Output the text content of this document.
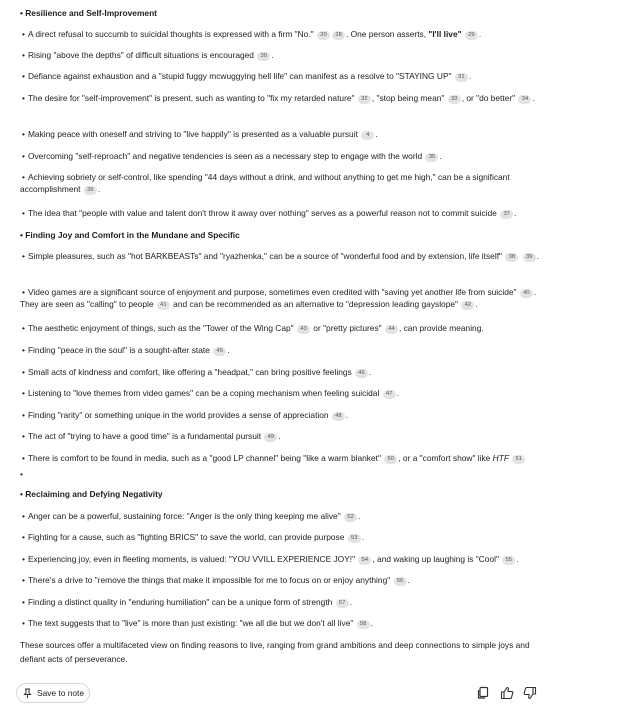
• Resilience and Self-Improvement
• A direct refusal to succumb to suicidal thoughts is expressed with a firm "No." 20 28 . One person asserts, "I'll live" 29 .
• Rising "above the depths" of difficult situations is encouraged 30 .
• Defiance against exhaustion and a "stupid fuggy mcwuggying hell life" can manifest as a resolve to "STAYING UP" 31 .
• The desire for "self-improvement" is present, such as wanting to "fix my retarded nature" 32 , "stop being mean" 33 , or "do better" 34 .
• Making peace with oneself and striving to "live happily" is presented as a valuable pursuit 4 .
• Overcoming "self-reproach" and negative tendencies is seen as a necessary step to engage with the world 35 .
• Achieving sobriety or self-control, like spending "44 days without a drink, and without anything to get me high," can be a significant accomplishment 36 .
• The idea that "people with value and talent don't throw it away over nothing" serves as a powerful reason not to commit suicide 37 .
• Finding Joy and Comfort in the Mundane and Specific
• Simple pleasures, such as "hot BARKBEASTs" and "ryazhenka," can be a source of "wonderful food and by extension, life itself" 38 39 .
• Video games are a significant source of enjoyment and purpose, sometimes even credited with "saving yet another life from suicide" 40 . They are seen as "calling" to people 41 and can be recommended as an alternative to "depression leading gayslope" 42 .
• The aesthetic enjoyment of things, such as the "Tower of the Wing Cap" 43 or "pretty pictures" 44 , can provide meaning.
• Finding "peace in the soul" is a sought-after state 45 .
• Small acts of kindness and comfort, like offering a "headpat," can bring positive feelings 46 .
• Listening to "love themes from video games" can be a coping mechanism when feeling suicidal 47 .
• Finding "rarity" or something unique in the world provides a sense of appreciation 48 .
• The act of "trying to have a good time" is a fundamental pursuit 49 .
• There is comfort to be found in media, such as a "good LP channel" being "like a warm blanket" 50 , or a "comfort show" like HTF 51
•
• Reclaiming and Defying Negativity
• Anger can be a powerful, sustaining force: "Anger is the only thing keeping me alive" 52 .
• Fighting for a cause, such as "fighting BRICS" to save the world, can provide purpose 53 .
• Experiencing joy, even in fleeting moments, is valued: "YOU VVILL EXPERIENCE JOY!" 54 , and waking up laughing is "Cool" 55 .
• There's a drive to "remove the things that make it impossible for me to focus on or enjoy anything" 56 .
• Finding a distinct quality in "enduring humiliation" can be a unique form of strength 57 .
• The text suggests that to "live" is more than just existing: "we all die but we don't all live" 58 .
These sources offer a multifaceted view on finding reasons to live, ranging from grand ambitions and deep connections to simple joys and defiant acts of perseverance.
Save to note
